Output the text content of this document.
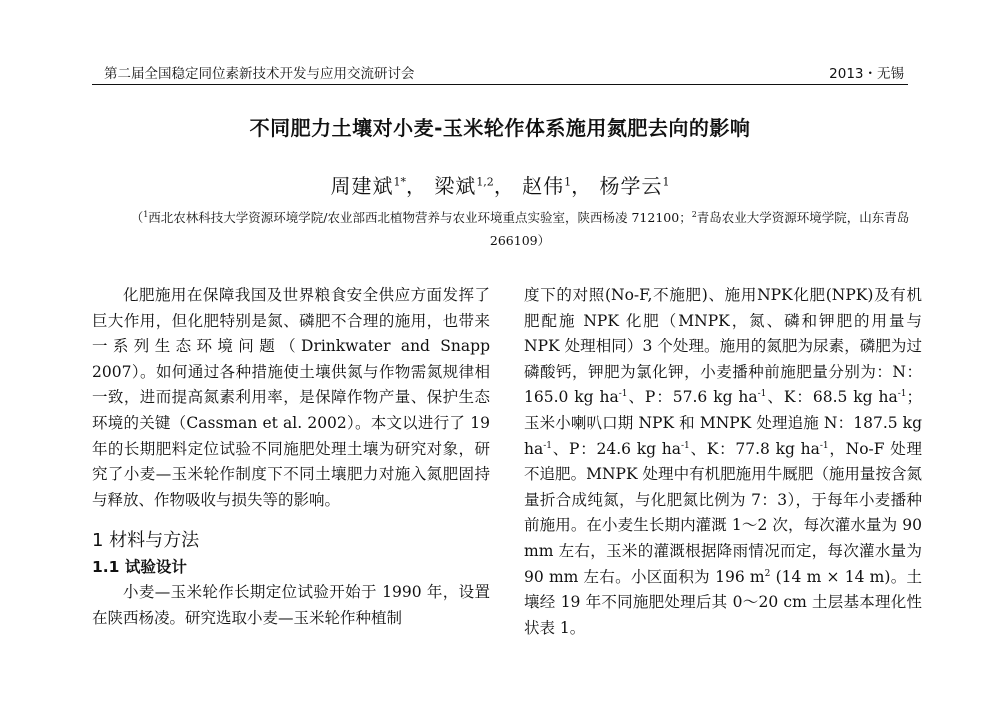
第二届全国稳定同位素新技术开发与应用交流研讨会	2013・无锡
不同肥力土壤对小麦-玉米轮作体系施用氮肥去向的影响
周建斌$^{1*}$， 梁斌$^{1,2}$， 赵伟$^1$， 杨学云$^1$
（$^1$西北农林科技大学资源环境学院/农业部西北植物营养与农业环境重点实验室，陕西杨凌 712100；$^2$青岛农业大学资源环境学院，山东青岛 266109）

化肥施用在保障我国及世界粮食安全供应方面发挥了巨大作用，但化肥特别是氮、磷肥不合理的施用，也带来一系列生态环境问题（Drinkwater and Snapp 2007）。如何通过各种措施使土壤供氮与作物需氮规律相一致，进而提高氮素利用率，是保障作物产量、保护生态环境的关键（Cassman et al. 2002）。本文以进行了 19 年的长期肥料定位试验不同施肥处理土壤为研究对象，研究了小麦—玉米轮作制度下不同土壤肥力对施入氮肥固持与释放、作物吸收与损失等的影响。

1 材料与方法

1.1 试验设计

小麦—玉米轮作长期定位试验开始于 1990 年，设置在陕西杨凌。研究选取小麦—玉米轮作种植制

度下的对照(No-F,不施肥)、施用NPK化肥(NPK)及有机肥配施 NPK 化肥（MNPK，氮、磷和钾肥的用量与 NPK 处理相同）3 个处理。施用的氮肥为尿素，磷肥为过磷酸钙，钾肥为氯化钾，小麦播种前施肥量分别为：N：165.0 kg $ha^{-1}$、P：57.6 kg $ha^{-1}$、K：68.5 kg $ha^{-1}$；玉米小喇叭口期 NPK 和 MNPK 处理追施 N：187.5 kg $ha^{-1}$、P：24.6 kg $ha^{-1}$、K：77.8 kg $ha^{-1}$，No-F 处理不追肥。MNPK 处理中有机肥施用牛厩肥（施用量按含氮量折合成纯氮，与化肥氮比例为 7：3），于每年小麦播种前施用。在小麦生长期内灌溉 1～2 次，每次灌水量为 90 mm 左右，玉米的灌溉根据降雨情况而定，每次灌水量为 90 mm 左右。小区面积为 196 $m^2$ (14 m × 14 m)。土壤经 19 年不同施肥处理后其 0～20 cm 土层基本理化性状表 1。
